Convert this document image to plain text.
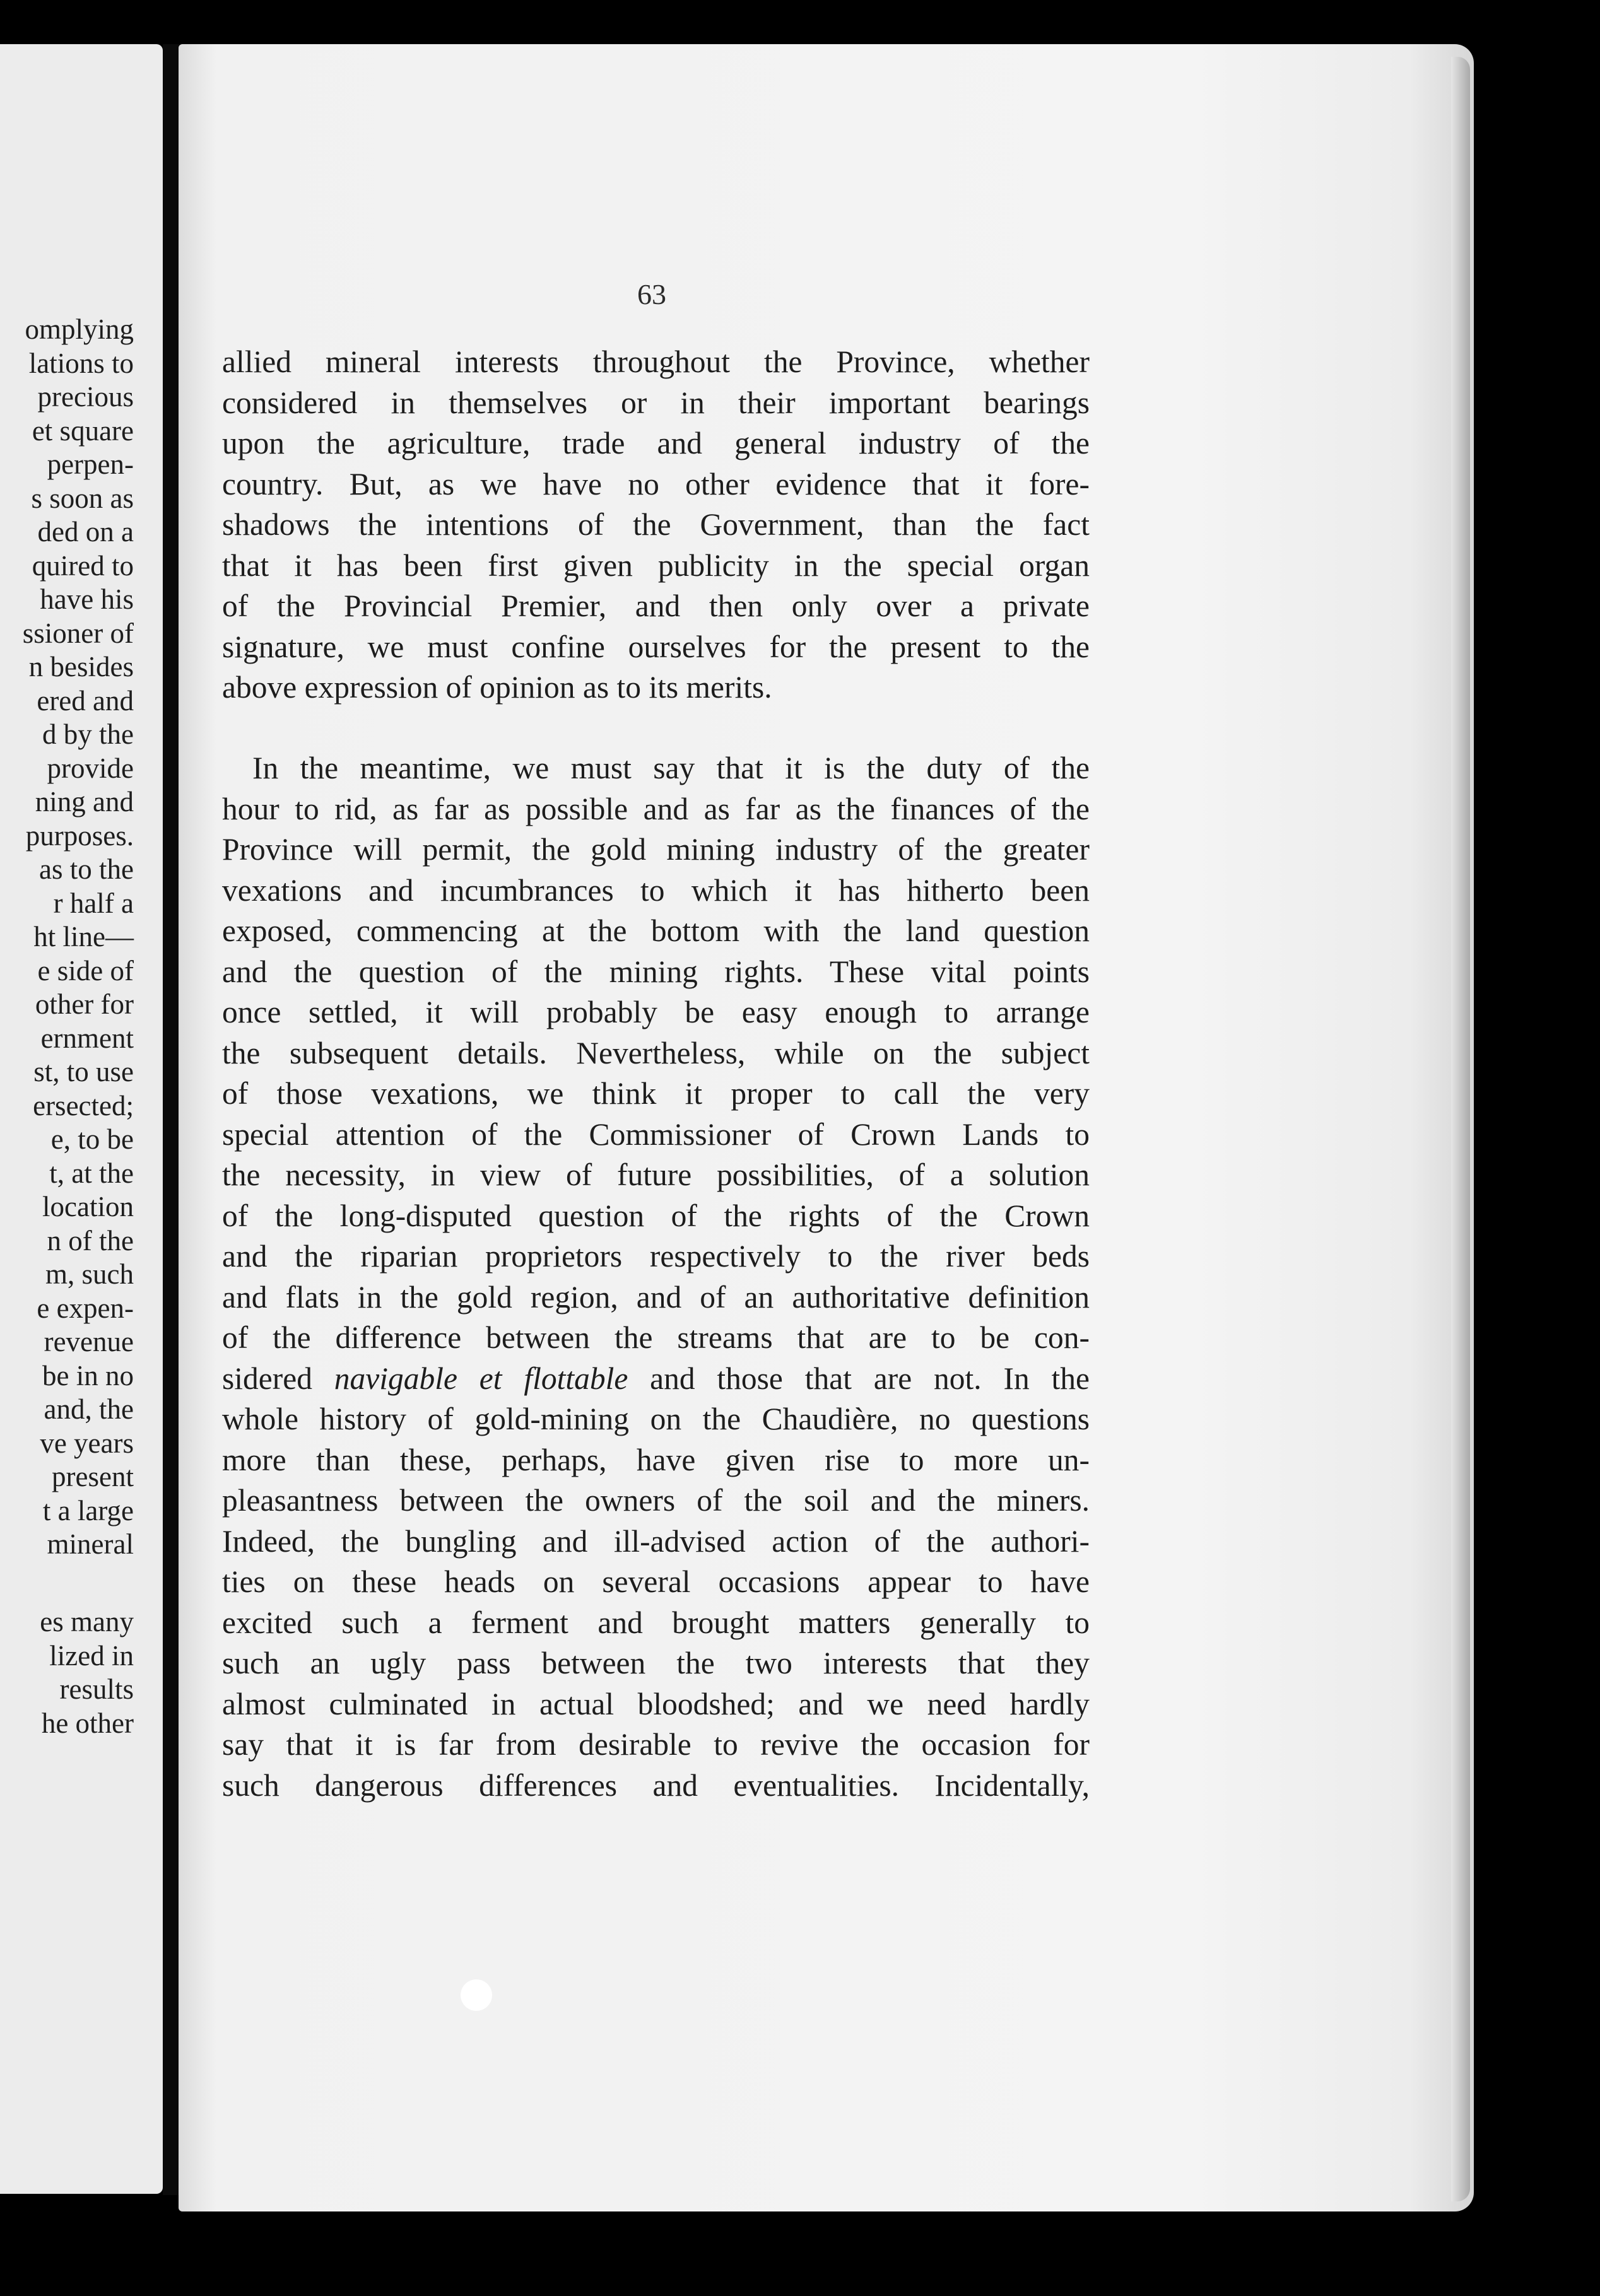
omplying
lations to
precious
et square
perpen-
s soon as
ded on a
quired to
have his
ssioner of
n besides
ered and
d by the
provide
ning and
purposes.
as to the
r half a
ht line—
e side of
other for
ernment
st, to use
ersected;
e, to be
t, at the
location
n of the
m, such
e expen-
revenue
be in no
and, the
ve years
present
t a large
mineral
es many
lized in
results
he other
63
allied mineral interests throughout the Province, whether
considered in themselves or in their important bearings
upon the agriculture, trade and general industry of the
country. But, as we have no other evidence that it fore-
shadows the intentions of the Government, than the fact
that it has been first given publicity in the special organ
of the Provincial Premier, and then only over a private
signature, we must confine ourselves for the present to the
above expression of opinion as to its merits.
In the meantime, we must say that it is the duty of the
hour to rid, as far as possible and as far as the finances of the
Province will permit, the gold mining industry of the greater
vexations and incumbrances to which it has hitherto been
exposed, commencing at the bottom with the land question
and the question of the mining rights. These vital points
once settled, it will probably be easy enough to arrange
the subsequent details. Nevertheless, while on the subject
of those vexations, we think it proper to call the very
special attention of the Commissioner of Crown Lands to
the necessity, in view of future possibilities, of a solution
of the long-disputed question of the rights of the Crown
and the riparian proprietors respectively to the river beds
and flats in the gold region, and of an authoritative definition
of the difference between the streams that are to be con-
sidered navigable et flottable and those that are not. In the
whole history of gold-mining on the Chaudière, no questions
more than these, perhaps, have given rise to more un-
pleasantness between the owners of the soil and the miners.
Indeed, the bungling and ill-advised action of the authori-
ties on these heads on several occasions appear to have
excited such a ferment and brought matters generally to
such an ugly pass between the two interests that they
almost culminated in actual bloodshed; and we need hardly
say that it is far from desirable to revive the occasion for
such dangerous differences and eventualities. Incidentally,
